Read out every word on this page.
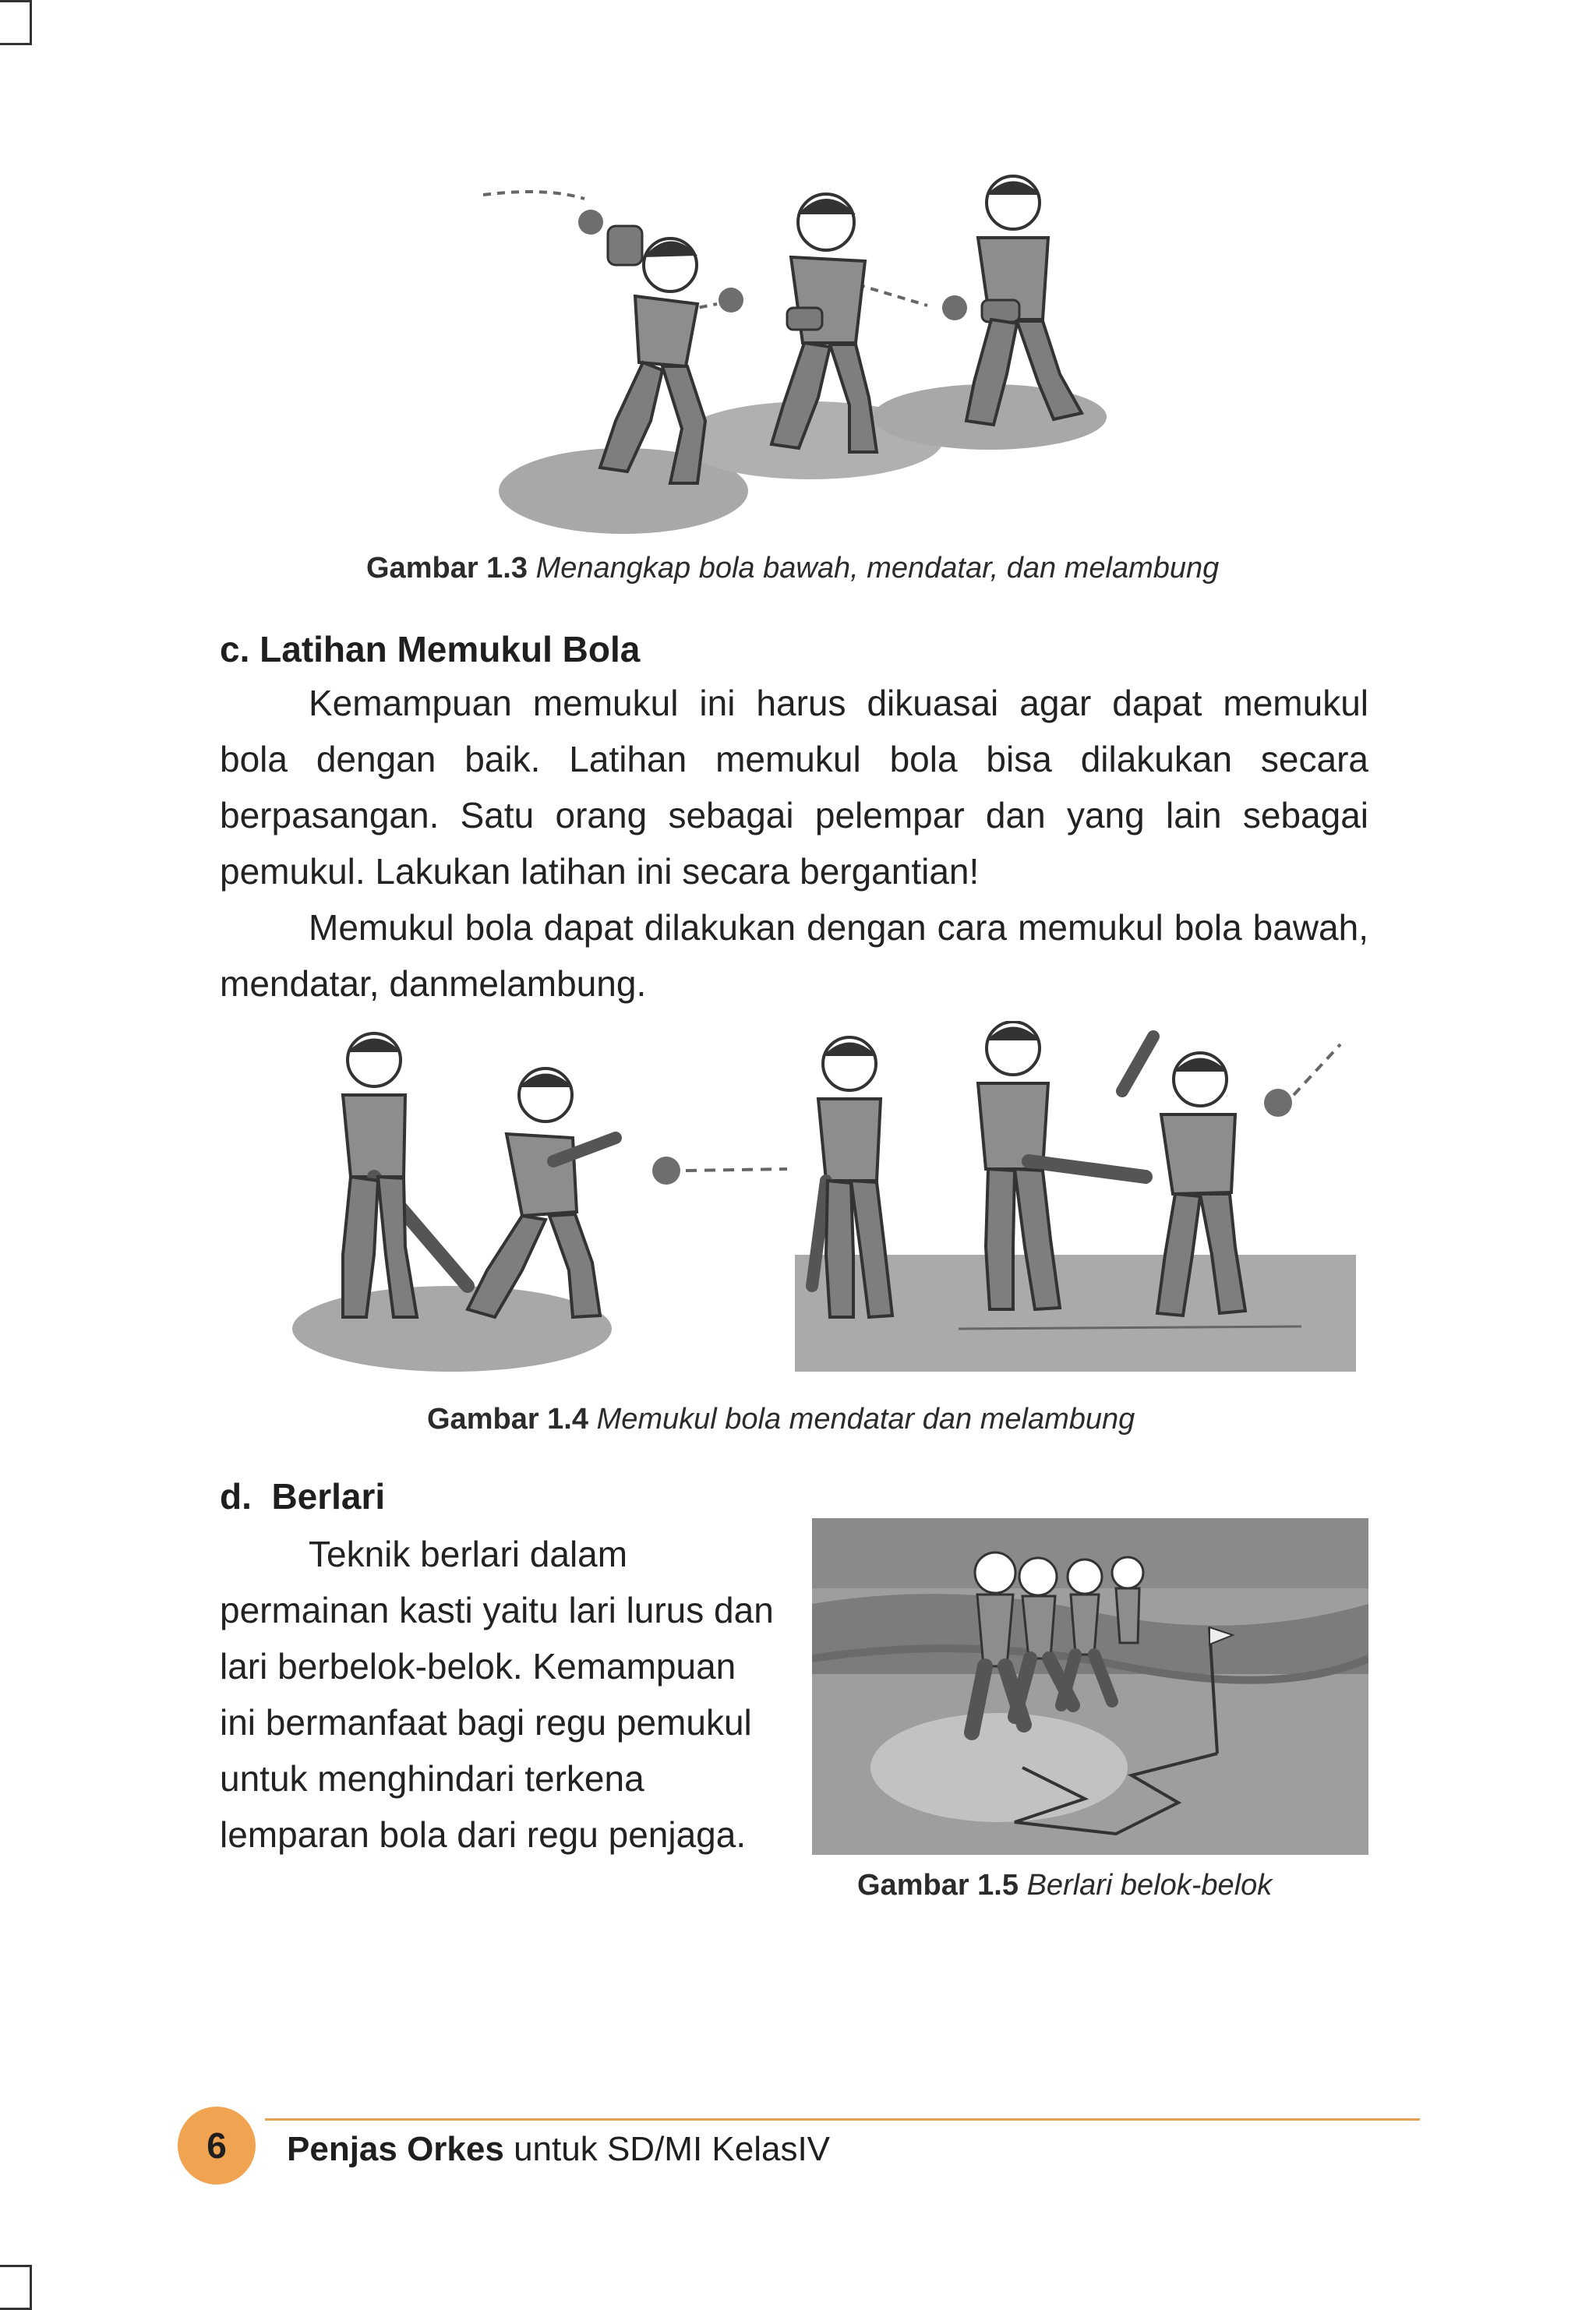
Gambar 1.3 Menangkap bola bawah, mendatar, dan melambung
c. Latihan Memukul Bola

Kemampuan memukul ini harus dikuasai agar dapat memukul bola dengan baik. Latihan memukul bola bisa dilakukan secara berpasangan. Satu orang sebagai pelempar dan yang lain sebagai pemukul. Lakukan latihan ini secara bergantian!

Memukul bola dapat dilakukan dengan cara memukul bola bawah, mendatar, danmelambung.

Gambar 1.4 Memukul bola mendatar dan melambung
d.  Berlari

Teknik berlari dalam permainan kasti yaitu lari lurus dan lari berbelok-belok. Kemampuan ini bermanfaat bagi regu pemukul untuk menghindari terkena lemparan bola dari regu penjaga.

Gambar 1.5 Berlari belok-belok
6	Penjas Orkes untuk SD/MI KelasIV
